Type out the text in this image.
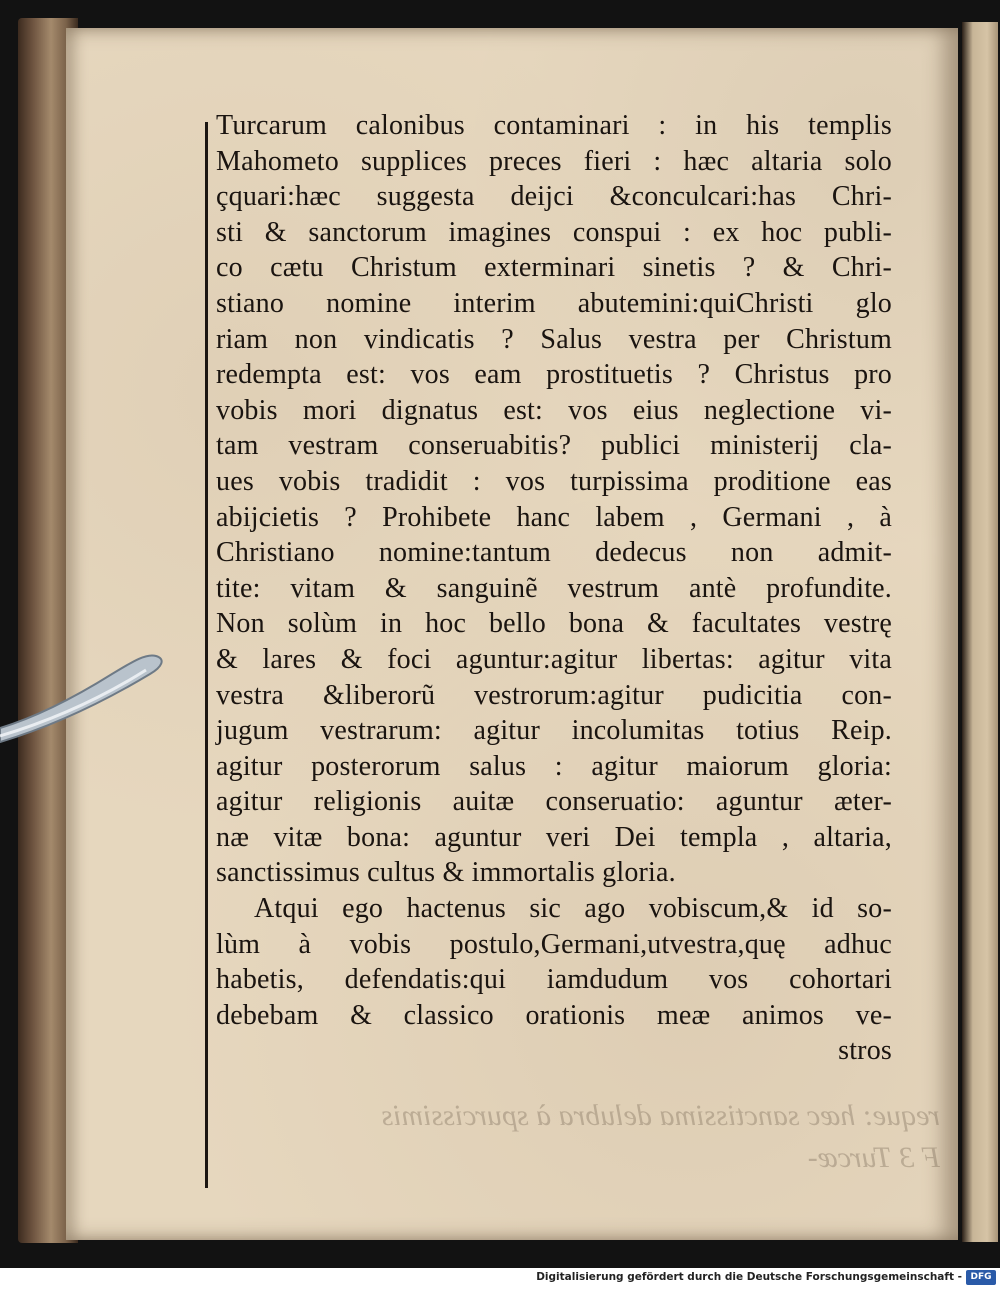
reque: hæc sanctissima delubra à spurcissimis
F 3 Turcæ-
Turcarum calonibus contaminari : in his templis
Mahometo supplices preces fieri : hæc altaria solo
çquari:hæc suggesta deijci &conculcari:has Chri-
sti & sanctorum imagines conspui : ex hoc publi-
co cætu Christum exterminari sinetis ? & Chri-
stiano nomine interim abutemini:quiChristi glo
riam non vindicatis ? Salus vestra per Christum
redempta est: vos eam prostituetis ? Christus pro
vobis mori dignatus est: vos eius neglectione vi-
tam vestram conseruabitis? publici ministerij cla-
ues vobis tradidit : vos turpissima proditione eas
abijcietis ? Prohibete hanc labem , Germani , à
Christiano nomine:tantum dedecus non admit-
tite: vitam & sanguinẽ vestrum antè profundite.
Non solùm in hoc bello bona & facultates vestrę
& lares & foci aguntur:agitur libertas: agitur vita
vestra &liberorũ vestrorum:agitur pudicitia con-
jugum vestrarum: agitur incolumitas totius Reip.
agitur posterorum salus : agitur maiorum gloria:
agitur religionis auitæ conseruatio: aguntur æter-
næ vitæ bona: aguntur veri Dei templa , altaria,
sanctissimus cultus & immortalis gloria.
Atqui ego hactenus sic ago vobiscum,& id so-
lùm à vobis postulo,Germani,utvestra,quę adhuc
habetis, defendatis:qui iamdudum vos cohortari
debebam & classico orationis meæ animos ve-
stros
Digitalisierung gefördert durch die Deutsche Forschungsgemeinschaft - DFG
